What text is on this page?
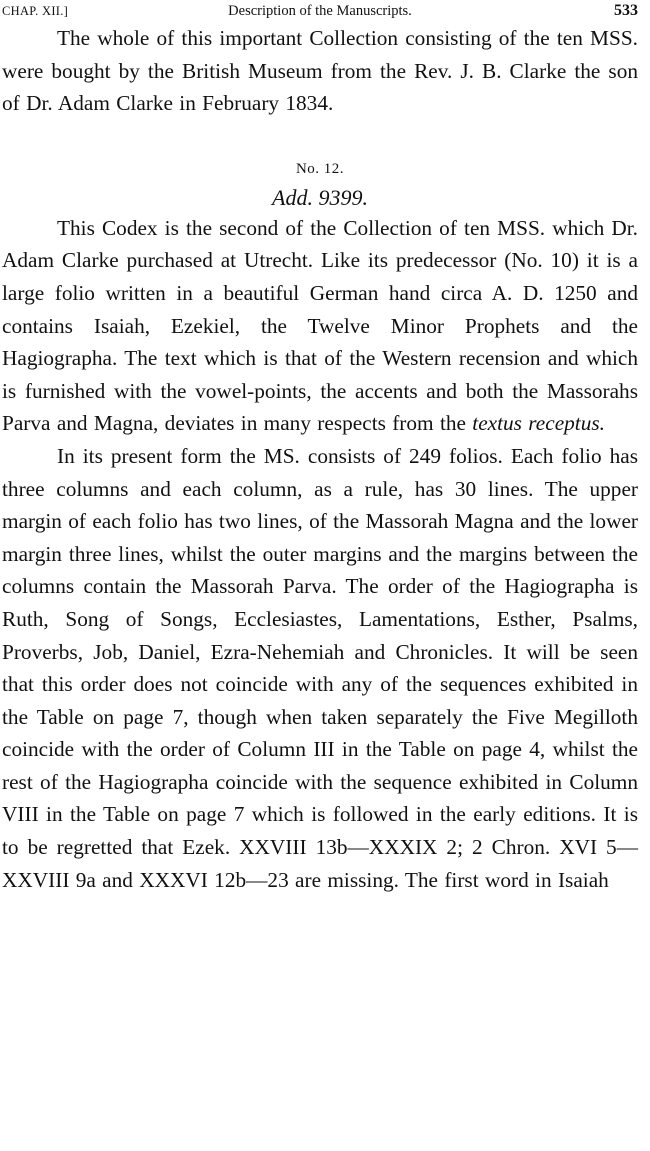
CHAP. XII.]	Description of the Manuscripts.	533

The whole of this important Collection consisting of the ten MSS. were bought by the British Museum from the Rev. J. B. Clarke the son of Dr. Adam Clarke in February 1834.

No. 12.
Add. 9399.

This Codex is the second of the Collection of ten MSS. which Dr. Adam Clarke purchased at Utrecht. Like its predecessor (No. 10) it is a large folio written in a beautiful German hand circa A. D. 1250 and contains Isaiah, Ezekiel, the Twelve Minor Prophets and the Hagiographa. The text which is that of the Western recension and which is furnished with the vowel-points, the accents and both the Massorahs Parva and Magna, deviates in many respects from the textus receptus.

In its present form the MS. consists of 249 folios. Each folio has three columns and each column, as a rule, has 30 lines. The upper margin of each folio has two lines, of the Massorah Magna and the lower margin three lines, whilst the outer margins and the margins between the columns contain the Massorah Parva. The order of the Hagiographa is Ruth, Song of Songs, Ecclesiastes, Lamentations, Esther, Psalms, Proverbs, Job, Daniel, Ezra-Nehemiah and Chronicles. It will be seen that this order does not coincide with any of the sequences exhibited in the Table on page 7, though when taken separately the Five Megilloth coincide with the order of Column III in the Table on page 4, whilst the rest of the Hagiographa coincide with the sequence exhibited in Column VIII in the Table on page 7 which is followed in the early editions. It is to be regretted that Ezek. XXVIII 13b—XXXIX 2; 2 Chron. XVI 5—XXVIII 9a and XXXVI 12b—23 are missing. The first word in Isaiah
